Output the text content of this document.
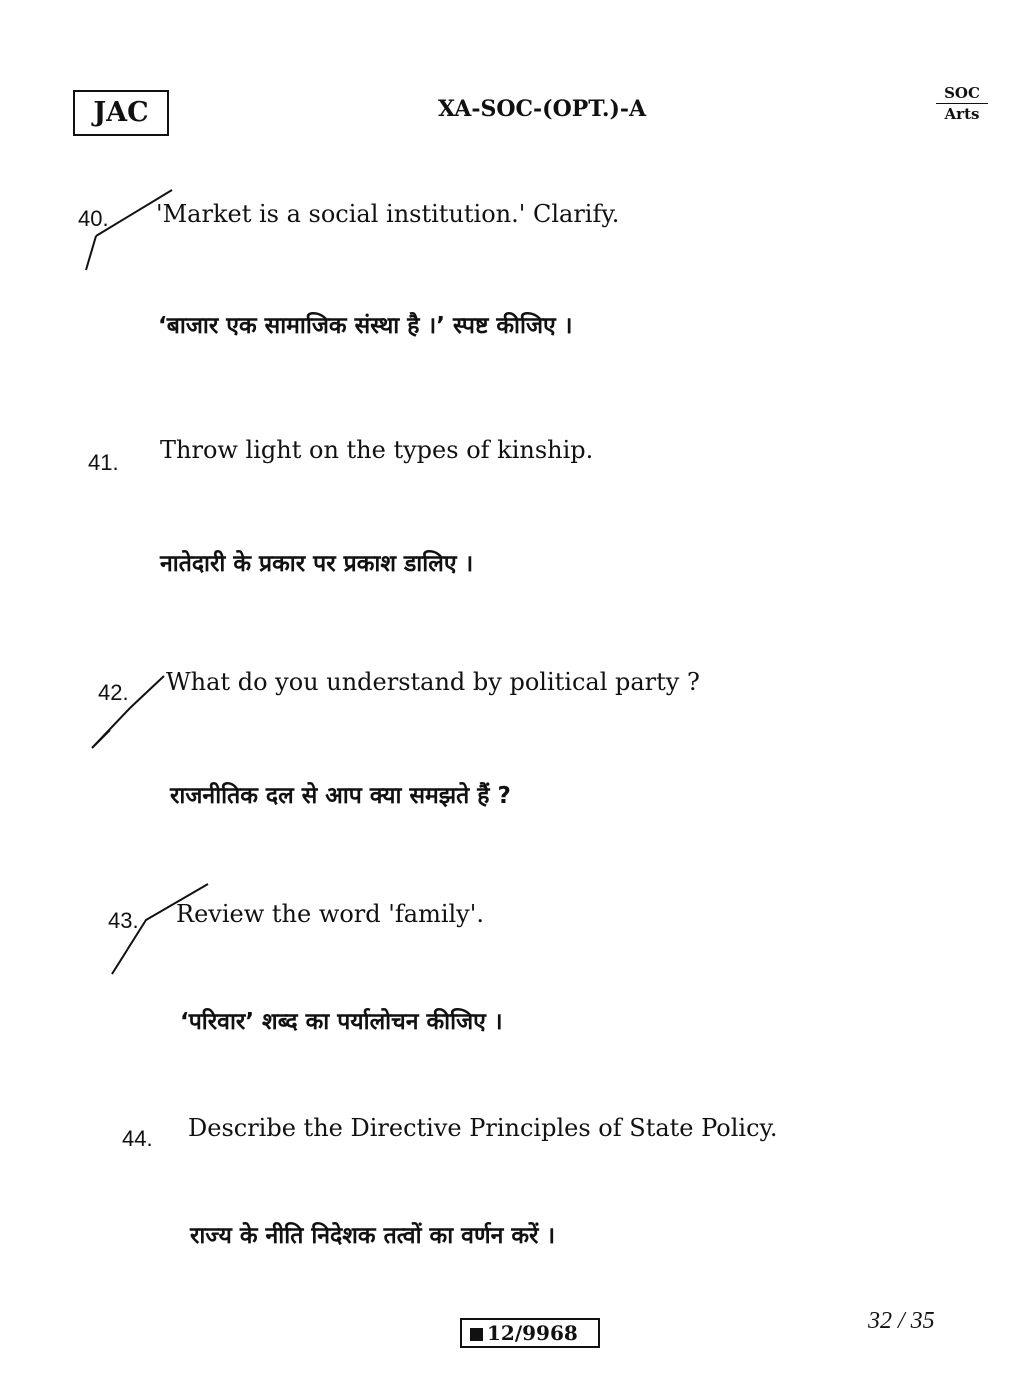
JAC	XA-SOC-(OPT.)-A
SOC
Arts
40. 'Market is a social institution.' Clarify.
‘बाजार एक सामाजिक संस्था है ।’ स्पष्ट कीजिए ।
41. Throw light on the types of kinship.
नातेदारी के प्रकार पर प्रकाश डालिए ।
42. What do you understand by political party ?
राजनीतिक दल से आप क्या समझते हैं ?
43. Review the word 'family'.
‘परिवार’ शब्द का पर्यालोचन कीजिए ।
44. Describe the Directive Principles of State Policy.
राज्य के नीति निदेशक तत्वों का वर्णन करें ।
12/9968	32 / 35
